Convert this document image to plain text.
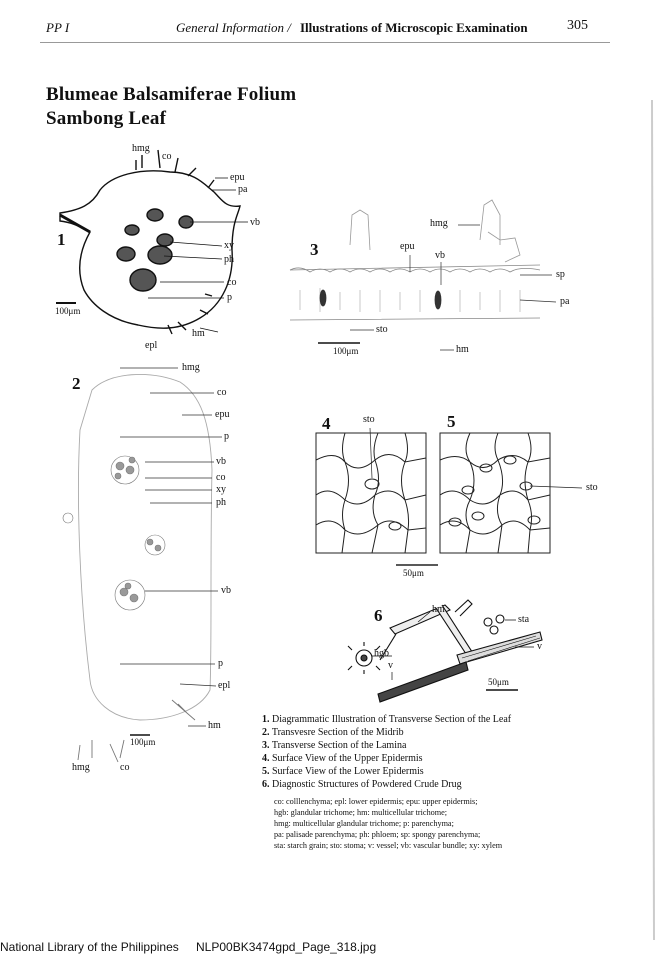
PP I	General Information / Illustrations of Microscopic Examination	305
Blumeae Balsamiferae Folium
Sambong Leaf
1
hmg
co
epu
pa
vb
xy
ph
co
p
hm
epl
100μm
2
hmg
co
epu
p
vb
co
xy
ph
vb
p
epl
hm
hmg	co
100μm
3
hmg
epu
vb
sp
pa
sto
hm
100μm
4	5
sto
sto
50μm
6	hm
sta
hgb
v
v
50μm
1. Diagrammatic Illustration of Transverse Section of the Leaf
2. Transvesre Section of the Midrib
3. Transverse Section of the Lamina
4. Surface View of the Upper Epidermis
5. Surface View of the Lower Epidermis
6. Diagnostic Structures of Powdered Crude Drug
co: colllenchyma; epl: lower epidermis; epu: upper epidermis;
hgb: glandular trichome; hm: multicellular trichome;
hmg: multicellular glandular trichome; p: parenchyma;
pa: palisade parenchyma; ph: phloem; sp: spongy parenchyma;
sta: starch grain; sto: stoma; v: vessel; vb: vascular bundle; xy: xylem
National Library of the Philippines NLP00BK3474gpd_Page_318.jpg
